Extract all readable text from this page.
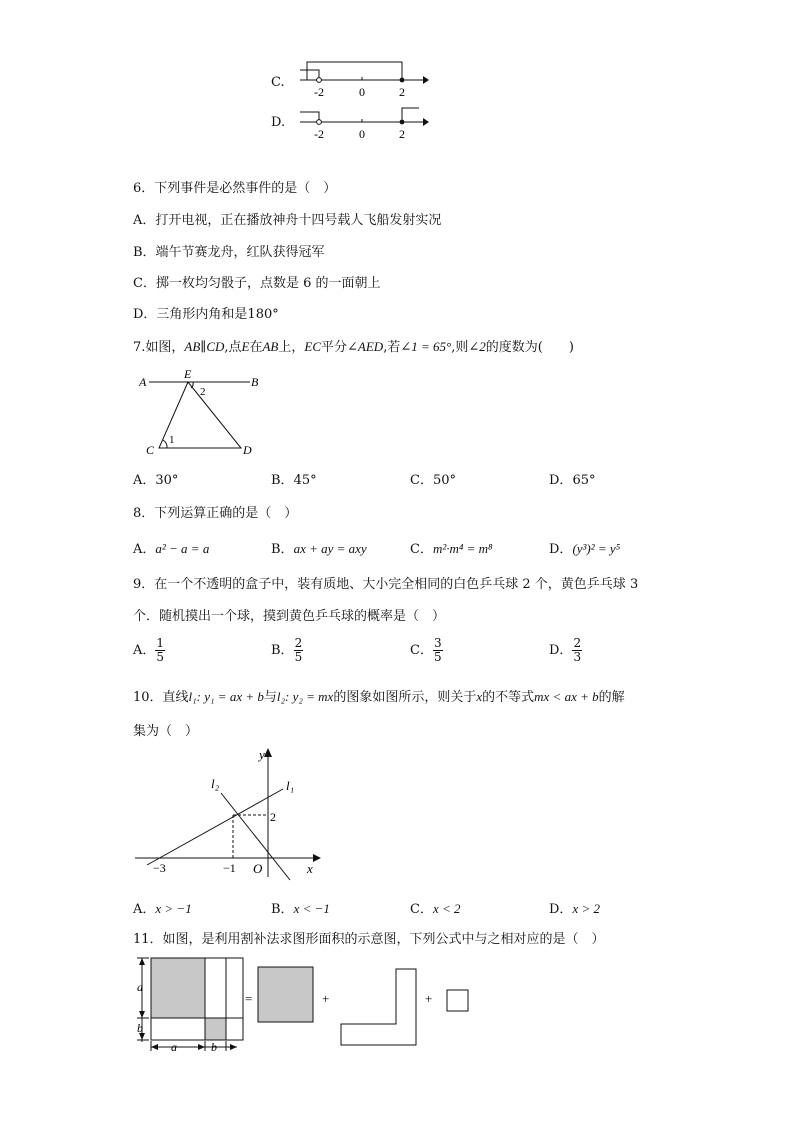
C.
-2	0	2
D.
-2	0	2
6．下列事件是必然事件的是（　）
A．打开电视，正在播放神舟十四号载人飞船发射实况
B．端午节赛龙舟，红队获得冠军
C．掷一枚均匀骰子，点数是 6 的一面朝上
D．三角形内角和是180°
7.如图，AB∥CD,点E在AB上，EC平分∠AED,若∠1 = 65°,则∠2的度数为(　　)
A	B
E
C	D
1
2
A．30°	B．45°	C．50°	D．65°
8．下列运算正确的是（　）
A．a² − a = a	B．ax + ay = axy	C．m²·m⁴ = m⁸	D．(y³)² = y⁵
9．在一个不透明的盒子中，装有质地、大小完全相同的白色乒乓球 2 个，黄色乒乓球 3
个．随机摸出一个球，摸到黄色乒乓球的概率是（　）
A． $\frac{1}{5}$	B． $\frac{2}{5}$	C． $\frac{3}{5}$	D． $\frac{2}{3}$
10．直线l₁: y₁ = ax + b与l₂: y₂ = mx的图象如图所示，则关于x的不等式mx < ax + b的解
集为（　）
y
x
O
l₂	l₁
2
−3	−1
A．x > −1	B．x < −1	C．x < 2	D．x > 2
11．如图，是利用割补法求图形面积的示意图，下列公式中与之相对应的是（　）
a
b
a	b
=	+	+
